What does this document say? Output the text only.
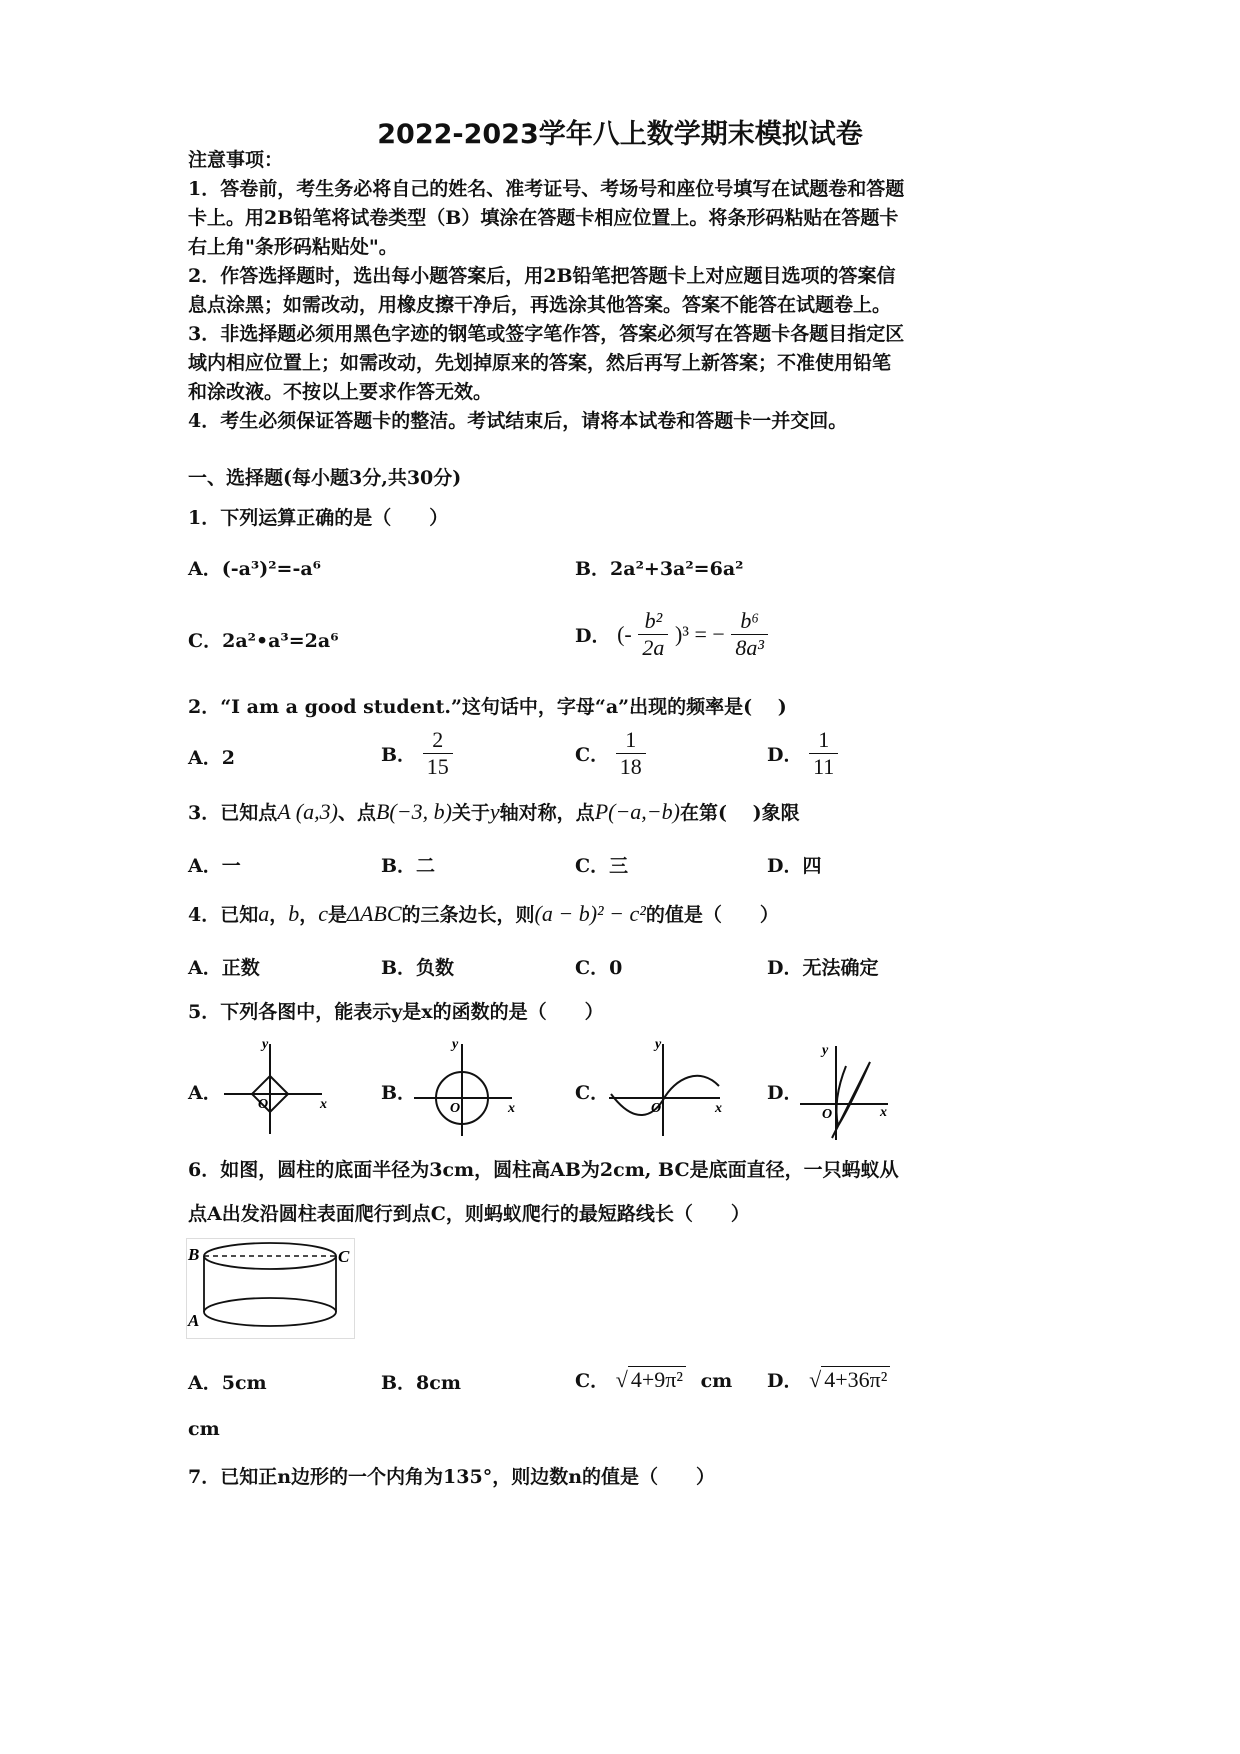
2022-2023学年八上数学期末模拟试卷
注意事项：
1．答卷前，考生务必将自己的姓名、准考证号、考场号和座位号填写在试题卷和答题
卡上。用2B铅笔将试卷类型（B）填涂在答题卡相应位置上。将条形码粘贴在答题卡
右上角"条形码粘贴处"。
2．作答选择题时，选出每小题答案后，用2B铅笔把答题卡上对应题目选项的答案信
息点涂黑；如需改动，用橡皮擦干净后，再选涂其他答案。答案不能答在试题卷上。
3．非选择题必须用黑色字迹的钢笔或签字笔作答，答案必须写在答题卡各题目指定区
域内相应位置上；如需改动，先划掉原来的答案，然后再写上新答案；不准使用铅笔
和涂改液。不按以上要求作答无效。
4．考生必须保证答题卡的整洁。考试结束后，请将本试卷和答题卡一并交回。
一、选择题(每小题3分,共30分)
1．下列运算正确的是（　　）
A．(-a³)²=-a⁶	B．2a²+3a²=6a²
C．2a²•a³=2a⁶	D． (- $\frac{\text{b²}}{2a} )^3$ = − $\frac{\text{b⁶}}{\text{8a³}}$
2．“I am a good student.”这句话中，字母“a”出现的频率是(　 )
A．2	B． $\frac{2}{15}$	C． $\frac{1}{18}$	D． $\frac{1}{11}$
3．已知点A (a,3)、点B(−3, b)关于y轴对称，点P(−a,−b)在第(　 )象限
A．一	B．二	C．三	D．四
4．已知a，b，c是ΔABC的三条边长，则(a − b)² − c²的值是（　　）
A．正数	B．负数	C．0	D．无法确定
5．下列各图中，能表示y是x的函数的是（　　）
A．
x
y
O
B．
x
y
O
C．
x
y
O
D．
x
y
O
6．如图，圆柱的底面半径为3cm，圆柱高AB为2cm, BC是底面直径，一只蚂蚁从
点A出发沿圆柱表面爬行到点C，则蚂蚁爬行的最短路线长（　　）
B	C
A
A．5cm	B．8cm	C． √ 4+9π² cm D． √ 4+36π²
cm
7．已知正n边形的一个内角为135°，则边数n的值是（　　）
